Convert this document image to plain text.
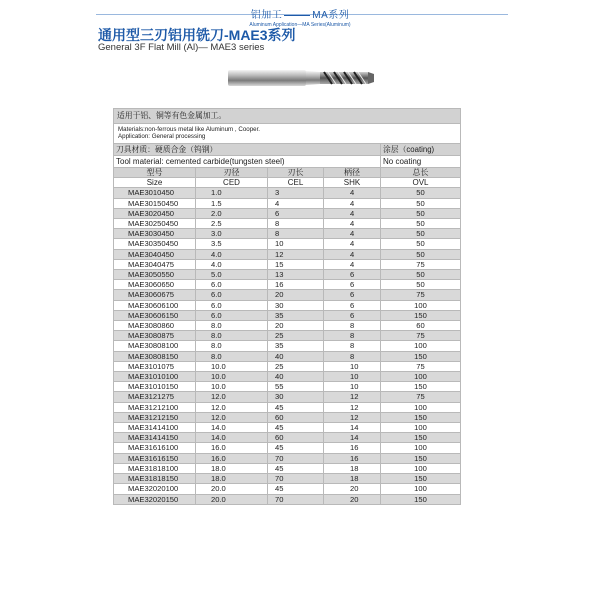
铝加工	MA系列
Aluminum Application—MA Series(Aluminum)
通用型三刃铝用铣刀-MAE3系列
General 3F Flat Mill (Al)— MAE3 series
适用于铝、铜等有色金属加工。				

Materials:non-ferrous metal like Aluminum , Cooper.
Application: General processing				

刀具材质：硬质合金（钨钢）				涂层（coating)
Tool material: cemented carbide(tungsten steel)				No coating
型号	刃径	刃长	柄径	总长
Size	CED	CEL	SHK	OVL
MAE3010450	1.0	3	4	50
MAE30150450	1.5	4	4	50
MAE3020450	2.0	6	4	50
MAE30250450	2.5	8	4	50
MAE3030450	3.0	8	4	50
MAE30350450	3.5	10	4	50
MAE3040450	4.0	12	4	50
MAE3040475	4.0	15	4	75
MAE3050550	5.0	13	6	50
MAE3060650	6.0	16	6	50
MAE3060675	6.0	20	6	75
MAE30606100	6.0	30	6	100
MAE30606150	6.0	35	6	150
MAE3080860	8.0	20	8	60
MAE3080875	8.0	25	8	75
MAE30808100	8.0	35	8	100
MAE30808150	8.0	40	8	150
MAE3101075	10.0	25	10	75
MAE31010100	10.0	40	10	100
MAE31010150	10.0	55	10	150
MAE3121275	12.0	30	12	75
MAE31212100	12.0	45	12	100
MAE31212150	12.0	60	12	150
MAE31414100	14.0	45	14	100
MAE31414150	14.0	60	14	150
MAE31616100	16.0	45	16	100
MAE31616150	16.0	70	16	150
MAE31818100	18.0	45	18	100
MAE31818150	18.0	70	18	150
MAE32020100	20.0	45	20	100
MAE32020150	20.0	70	20	150
